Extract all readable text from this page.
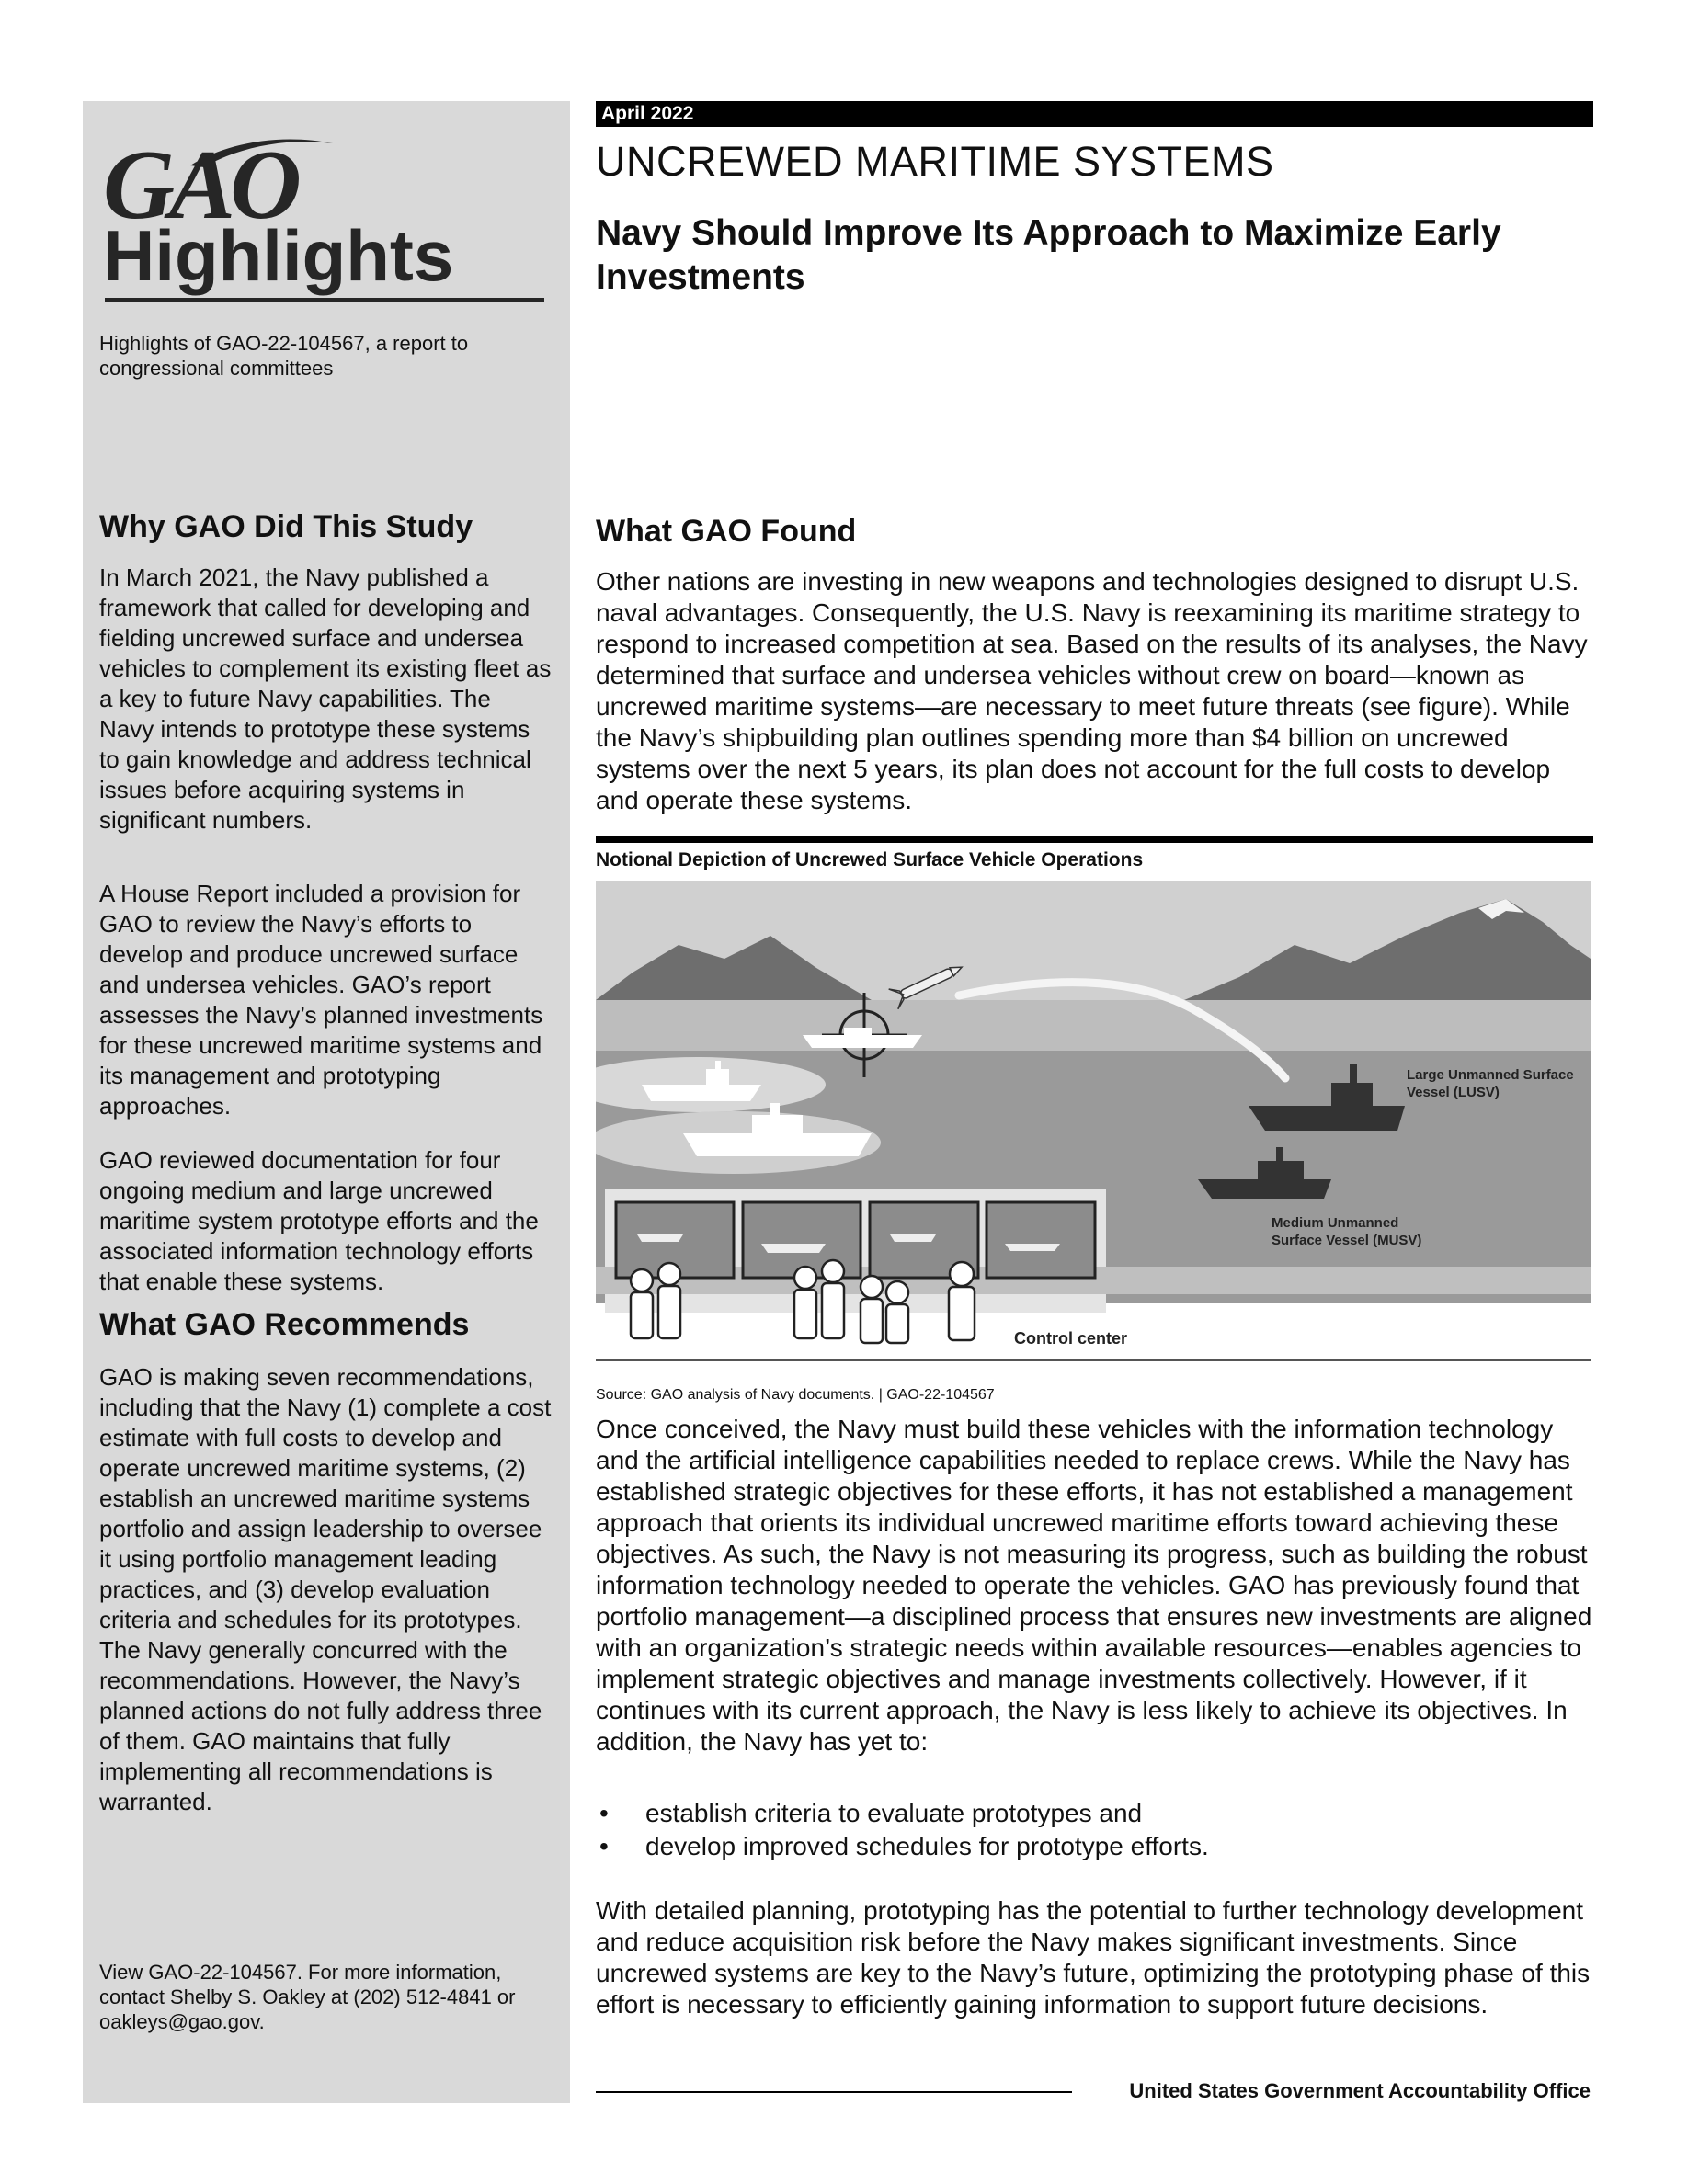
GAO
Highlights
Highlights of GAO-22-104567, a report to congressional committees
Why GAO Did This Study

In March 2021, the Navy published a framework that called for developing and fielding uncrewed surface and undersea vehicles to complement its existing fleet as a key to future Navy capabilities. The Navy intends to prototype these systems to gain knowledge and address technical issues before acquiring systems in significant numbers.

A House Report included a provision for GAO to review the Navy’s efforts to develop and produce uncrewed surface and undersea vehicles. GAO’s report assesses the Navy’s planned investments for these uncrewed maritime systems and its management and prototyping approaches.

GAO reviewed documentation for four ongoing medium and large uncrewed maritime system prototype efforts and the associated information technology efforts that enable these systems.

What GAO Recommends

GAO is making seven recommendations, including that the Navy (1) complete a cost estimate with full costs to develop and operate uncrewed maritime systems, (2) establish an uncrewed maritime systems portfolio and assign leadership to oversee it using portfolio management leading practices, and (3) develop evaluation criteria and schedules for its prototypes. The Navy generally concurred with the recommendations. However, the Navy’s planned actions do not fully address three of them. GAO maintains that fully implementing all recommendations is warranted.

View GAO-22-104567. For more information, contact Shelby S. Oakley at (202) 512-4841 or oakleys@gao.gov.
April 2022
UNCREWED MARITIME SYSTEMS
Navy Should Improve Its Approach to Maximize Early Investments
What GAO Found

Other nations are investing in new weapons and technologies designed to disrupt U.S. naval advantages. Consequently, the U.S. Navy is reexamining its maritime strategy to respond to increased competition at sea. Based on the results of its analyses, the Navy determined that surface and undersea vehicles without crew on board—known as uncrewed maritime systems—are necessary to meet future threats (see figure). While the Navy’s shipbuilding plan outlines spending more than $4 billion on uncrewed systems over the next 5 years, its plan does not account for the full costs to develop and operate these systems.

Notional Depiction of Uncrewed Surface Vehicle Operations
Large Unmanned Surface
Vessel (LUSV)
Medium Unmanned
Surface Vessel (MUSV)
Control center
Source: GAO analysis of Navy documents. | GAO-22-104567

Once conceived, the Navy must build these vehicles with the information technology and the artificial intelligence capabilities needed to replace crews. While the Navy has established strategic objectives for these efforts, it has not established a management approach that orients its individual uncrewed maritime efforts toward achieving these objectives. As such, the Navy is not measuring its progress, such as building the robust information technology needed to operate the vehicles. GAO has previously found that portfolio management—a disciplined process that ensures new investments are aligned with an organization’s strategic needs within available resources—enables agencies to implement strategic objectives and manage investments collectively. However, if it continues with its current approach, the Navy is less likely to achieve its objectives. In addition, the Navy has yet to:

• establish criteria to evaluate prototypes and
• develop improved schedules for prototype efforts.

With detailed planning, prototyping has the potential to further technology development and reduce acquisition risk before the Navy makes significant investments. Since uncrewed systems are key to the Navy’s future, optimizing the prototyping phase of this effort is necessary to efficiently gaining information to support future decisions.

United States Government Accountability Office
